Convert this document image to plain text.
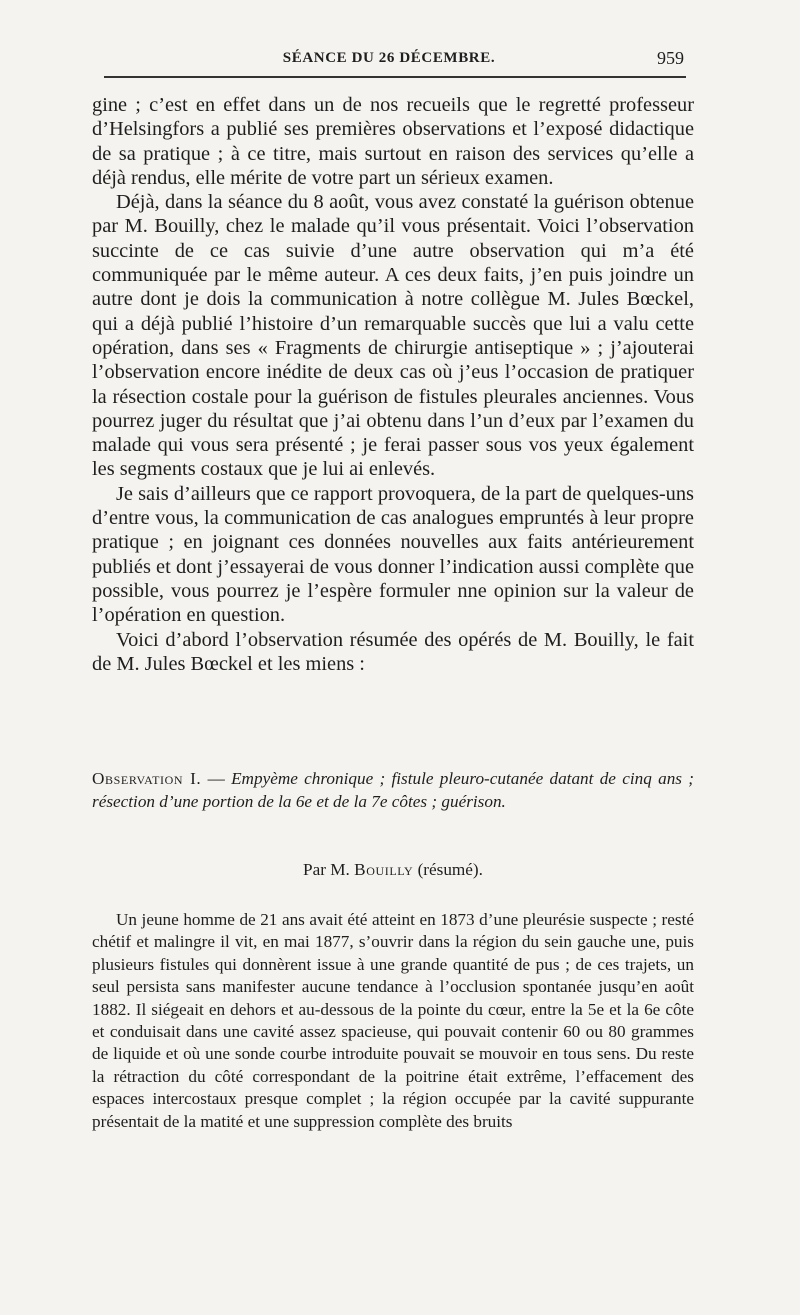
SÉANCE DU 26 DÉCEMBRE.	959

gine ; c’est en effet dans un de nos recueils que le regretté professeur d’Helsingfors a publié ses premières observations et l’exposé didactique de sa pratique ; à ce titre, mais surtout en raison des services qu’elle a déjà rendus, elle mérite de votre part un sérieux examen.

Déjà, dans la séance du 8 août, vous avez constaté la guérison obtenue par M. Bouilly, chez le malade qu’il vous présentait. Voici l’observation succinte de ce cas suivie d’une autre observation qui m’a été communiquée par le même auteur. A ces deux faits, j’en puis joindre un autre dont je dois la communication à notre collègue M. Jules Bœckel, qui a déjà publié l’histoire d’un remarquable succès que lui a valu cette opération, dans ses « Fragments de chirurgie antiseptique » ; j’ajouterai l’observation encore inédite de deux cas où j’eus l’occasion de pratiquer la résection costale pour la guérison de fistules pleurales anciennes. Vous pourrez juger du résultat que j’ai obtenu dans l’un d’eux par l’examen du malade qui vous sera présenté ; je ferai passer sous vos yeux également les segments costaux que je lui ai enlevés.

Je sais d’ailleurs que ce rapport provoquera, de la part de quelques-uns d’entre vous, la communication de cas analogues empruntés à leur propre pratique ; en joignant ces données nouvelles aux faits antérieurement publiés et dont j’essayerai de vous donner l’indication aussi complète que possible, vous pourrez je l’espère formuler nne opinion sur la valeur de l’opération en question.

Voici d’abord l’observation résumée des opérés de M. Bouilly, le fait de M. Jules Bœckel et les miens :

Observation I. — Empyème chronique ; fistule pleuro-cutanée datant de cinq ans ; résection d’une portion de la 6e et de la 7e côtes ; guérison.

Par M. Bouilly (résumé).

Un jeune homme de 21 ans avait été atteint en 1873 d’une pleurésie suspecte ; resté chétif et malingre il vit, en mai 1877, s’ouvrir dans la région du sein gauche une, puis plusieurs fistules qui donnèrent issue à une grande quantité de pus ; de ces trajets, un seul persista sans manifester aucune tendance à l’occlusion spontanée jusqu’en août 1882. Il siégeait en dehors et au-dessous de la pointe du cœur, entre la 5e et la 6e côte et conduisait dans une cavité assez spacieuse, qui pouvait contenir 60 ou 80 grammes de liquide et où une sonde courbe introduite pouvait se mouvoir en tous sens. Du reste la rétraction du côté correspondant de la poitrine était extrême, l’effacement des espaces intercostaux presque complet ; la région occupée par la cavité suppurante présentait de la matité et une suppression complète des bruits
